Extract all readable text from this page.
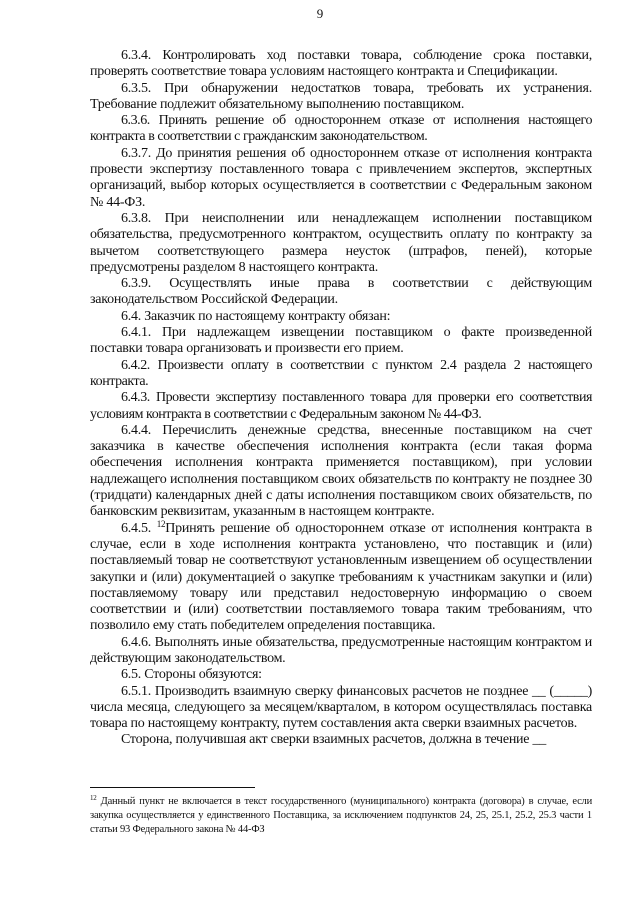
9

6.3.4. Контролировать ход поставки товара, соблюдение срока поставки, проверять соответствие товара условиям настоящего контракта и Спецификации.

6.3.5. При обнаружении недостатков товара, требовать их устранения. Требование подлежит обязательному выполнению поставщиком.

6.3.6. Принять решение об одностороннем отказе от исполнения настоящего контракта в соответствии с гражданским законодательством.

6.3.7. До принятия решения об одностороннем отказе от исполнения контракта провести экспертизу поставленного товара с привлечением экспертов, экспертных организаций, выбор которых осуществляется в соответствии с Федеральным законом № 44-ФЗ.

6.3.8. При неисполнении или ненадлежащем исполнении поставщиком обязательства, предусмотренного контрактом, осуществить оплату по контракту за вычетом соответствующего размера неусток (штрафов, пеней), которые предусмотрены разделом 8 настоящего контракта.

6.3.9. Осуществлять иные права в соответствии с действующим законодательством Российской Федерации.

6.4. Заказчик по настоящему контракту обязан:

6.4.1. При надлежащем извещении поставщиком о факте произведенной поставки товара организовать и произвести его прием.

6.4.2. Произвести оплату в соответствии с пунктом 2.4 раздела 2 настоящего контракта.

6.4.3. Провести экспертизу поставленного товара для проверки его соответствия условиям контракта в соответствии с Федеральным законом № 44-ФЗ.

6.4.4. Перечислить денежные средства, внесенные поставщиком на счет заказчика в качестве обеспечения исполнения контракта (если такая форма обеспечения исполнения контракта применяется поставщиком), при условии надлежащего исполнения поставщиком своих обязательств по контракту не позднее 30 (тридцати) календарных дней с даты исполнения поставщиком своих обязательств, по банковским реквизитам, указанным в настоящем контракте.

6.4.5. $^{12}$Принять решение об одностороннем отказе от исполнения контракта в случае, если в ходе исполнения контракта установлено, что поставщик и (или) поставляемый товар не соответствуют установленным извещением об осуществлении закупки и (или) документацией о закупке требованиям к участникам закупки и (или) поставляемому товару или представил недостоверную информацию о своем соответствии и (или) соответствии поставляемого товара таким требованиям, что позволило ему стать победителем определения поставщика.

6.4.6. Выполнять иные обязательства, предусмотренные настоящим контрактом и действующим законодательством.

6.5. Стороны обязуются:

6.5.1. Производить взаимную сверку финансовых расчетов не позднее __ (_____) числа месяца, следующего за месяцем/кварталом, в котором осуществлялась поставка товара по настоящему контракту, путем составления акта сверки взаимных расчетов.

Сторона, получившая акт сверки взаимных расчетов, должна в течение __

$^{12}$ Данный пункт не включается в текст государственного (муниципального) контракта (договора) в случае, если закупка осуществляется у единственного Поставщика, за исключением подпунктов 24, 25, 25.1, 25.2, 25.3 части 1 статьи 93 Федерального закона № 44-ФЗ
